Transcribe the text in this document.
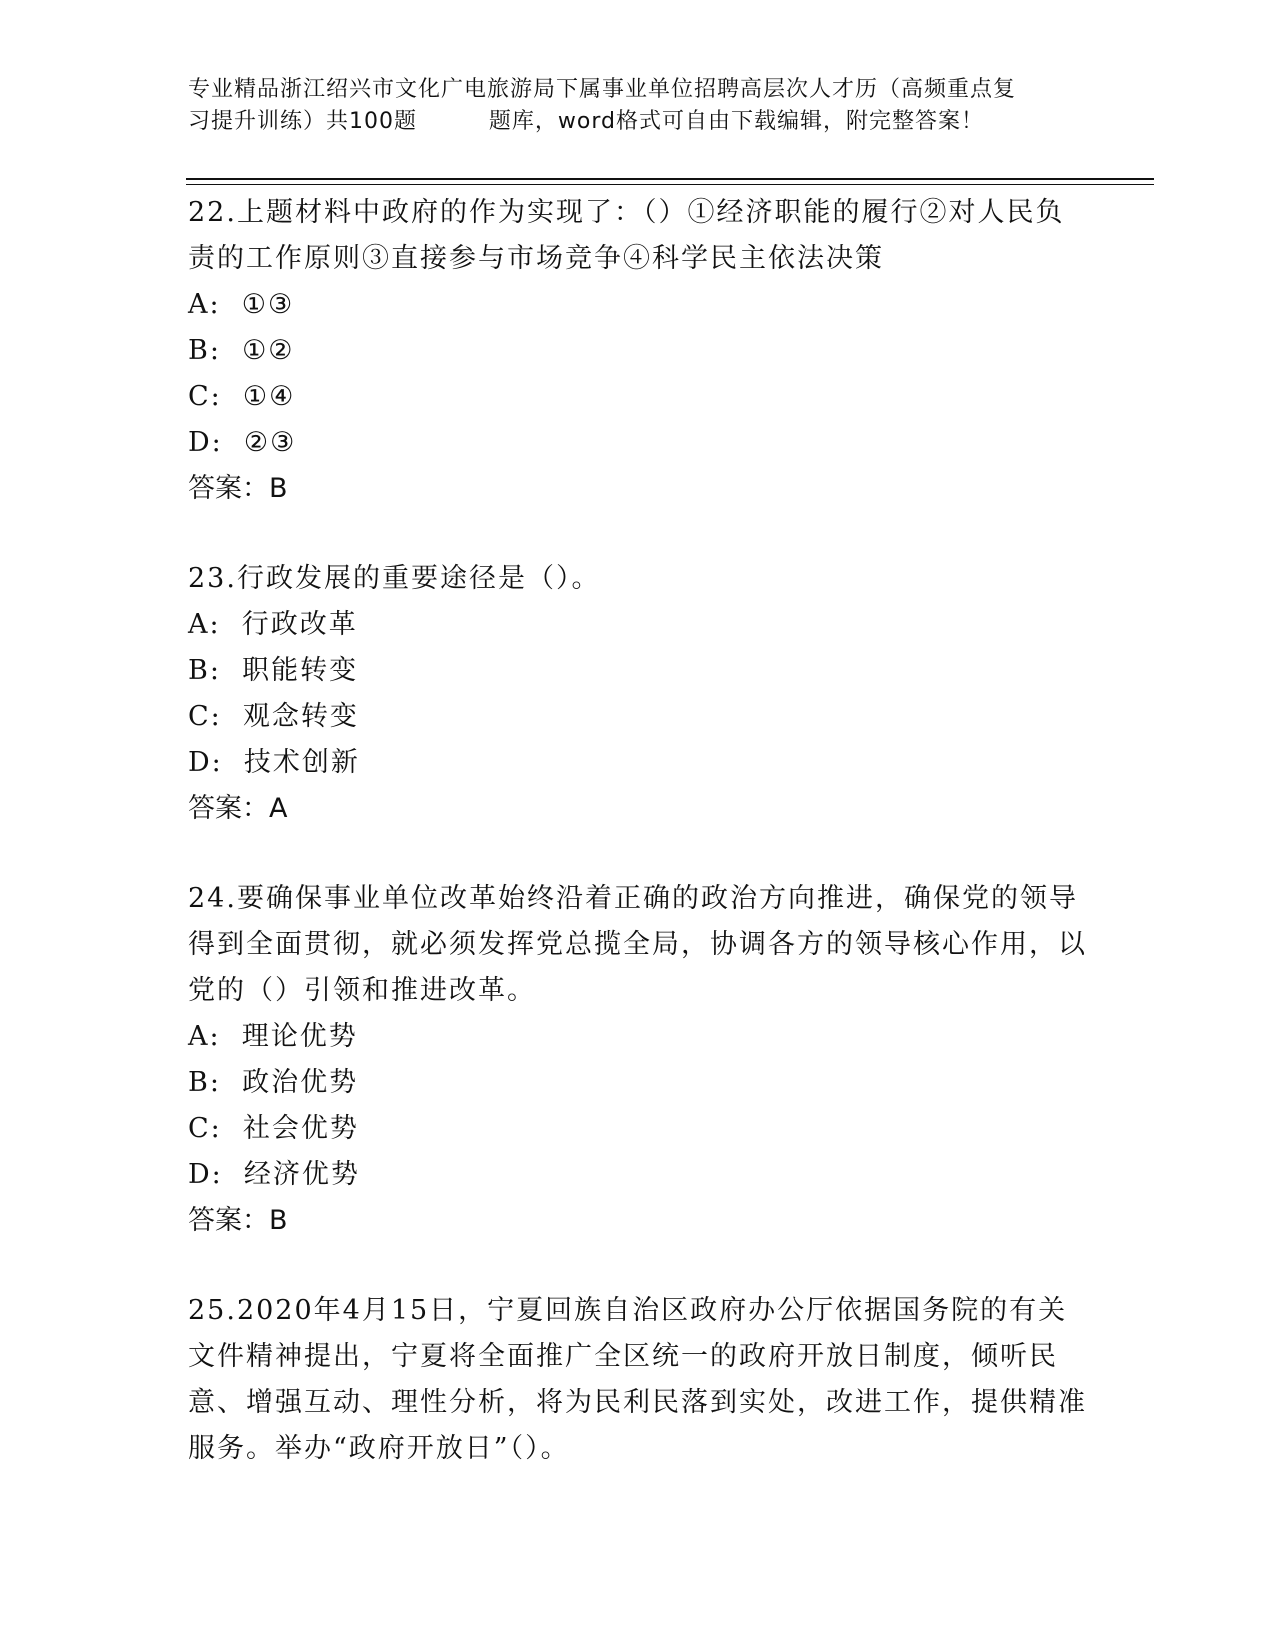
专业精品浙江绍兴市文化广电旅游局下属事业单位招聘高层次人才历（高频重点复
习提升训练）共100题         题库，word格式可自由下载编辑，附完整答案！

22.上题材料中政府的作为实现了：（）①经济职能的履行②对人民负责的工作原则③直接参与市场竞争④科学民主依法决策

A:  ①③

B:  ①②

C:  ①④

D:  ②③

答案：B

23.行政发展的重要途径是（）。

A:  行政改革

B:  职能转变

C:  观念转变

D:  技术创新

答案：A

24.要确保事业单位改革始终沿着正确的政治方向推进，确保党的领导得到全面贯彻，就必须发挥党总揽全局，协调各方的领导核心作用，以党的（）引领和推进改革。

A:  理论优势

B:  政治优势

C:  社会优势

D:  经济优势

答案：B

25.2020年4月15日，宁夏回族自治区政府办公厅依据国务院的有关文件精神提出，宁夏将全面推广全区统一的政府开放日制度，倾听民意、增强互动、理性分析，将为民利民落到实处，改进工作，提供精准服务。举办“政府开放日”（）。
